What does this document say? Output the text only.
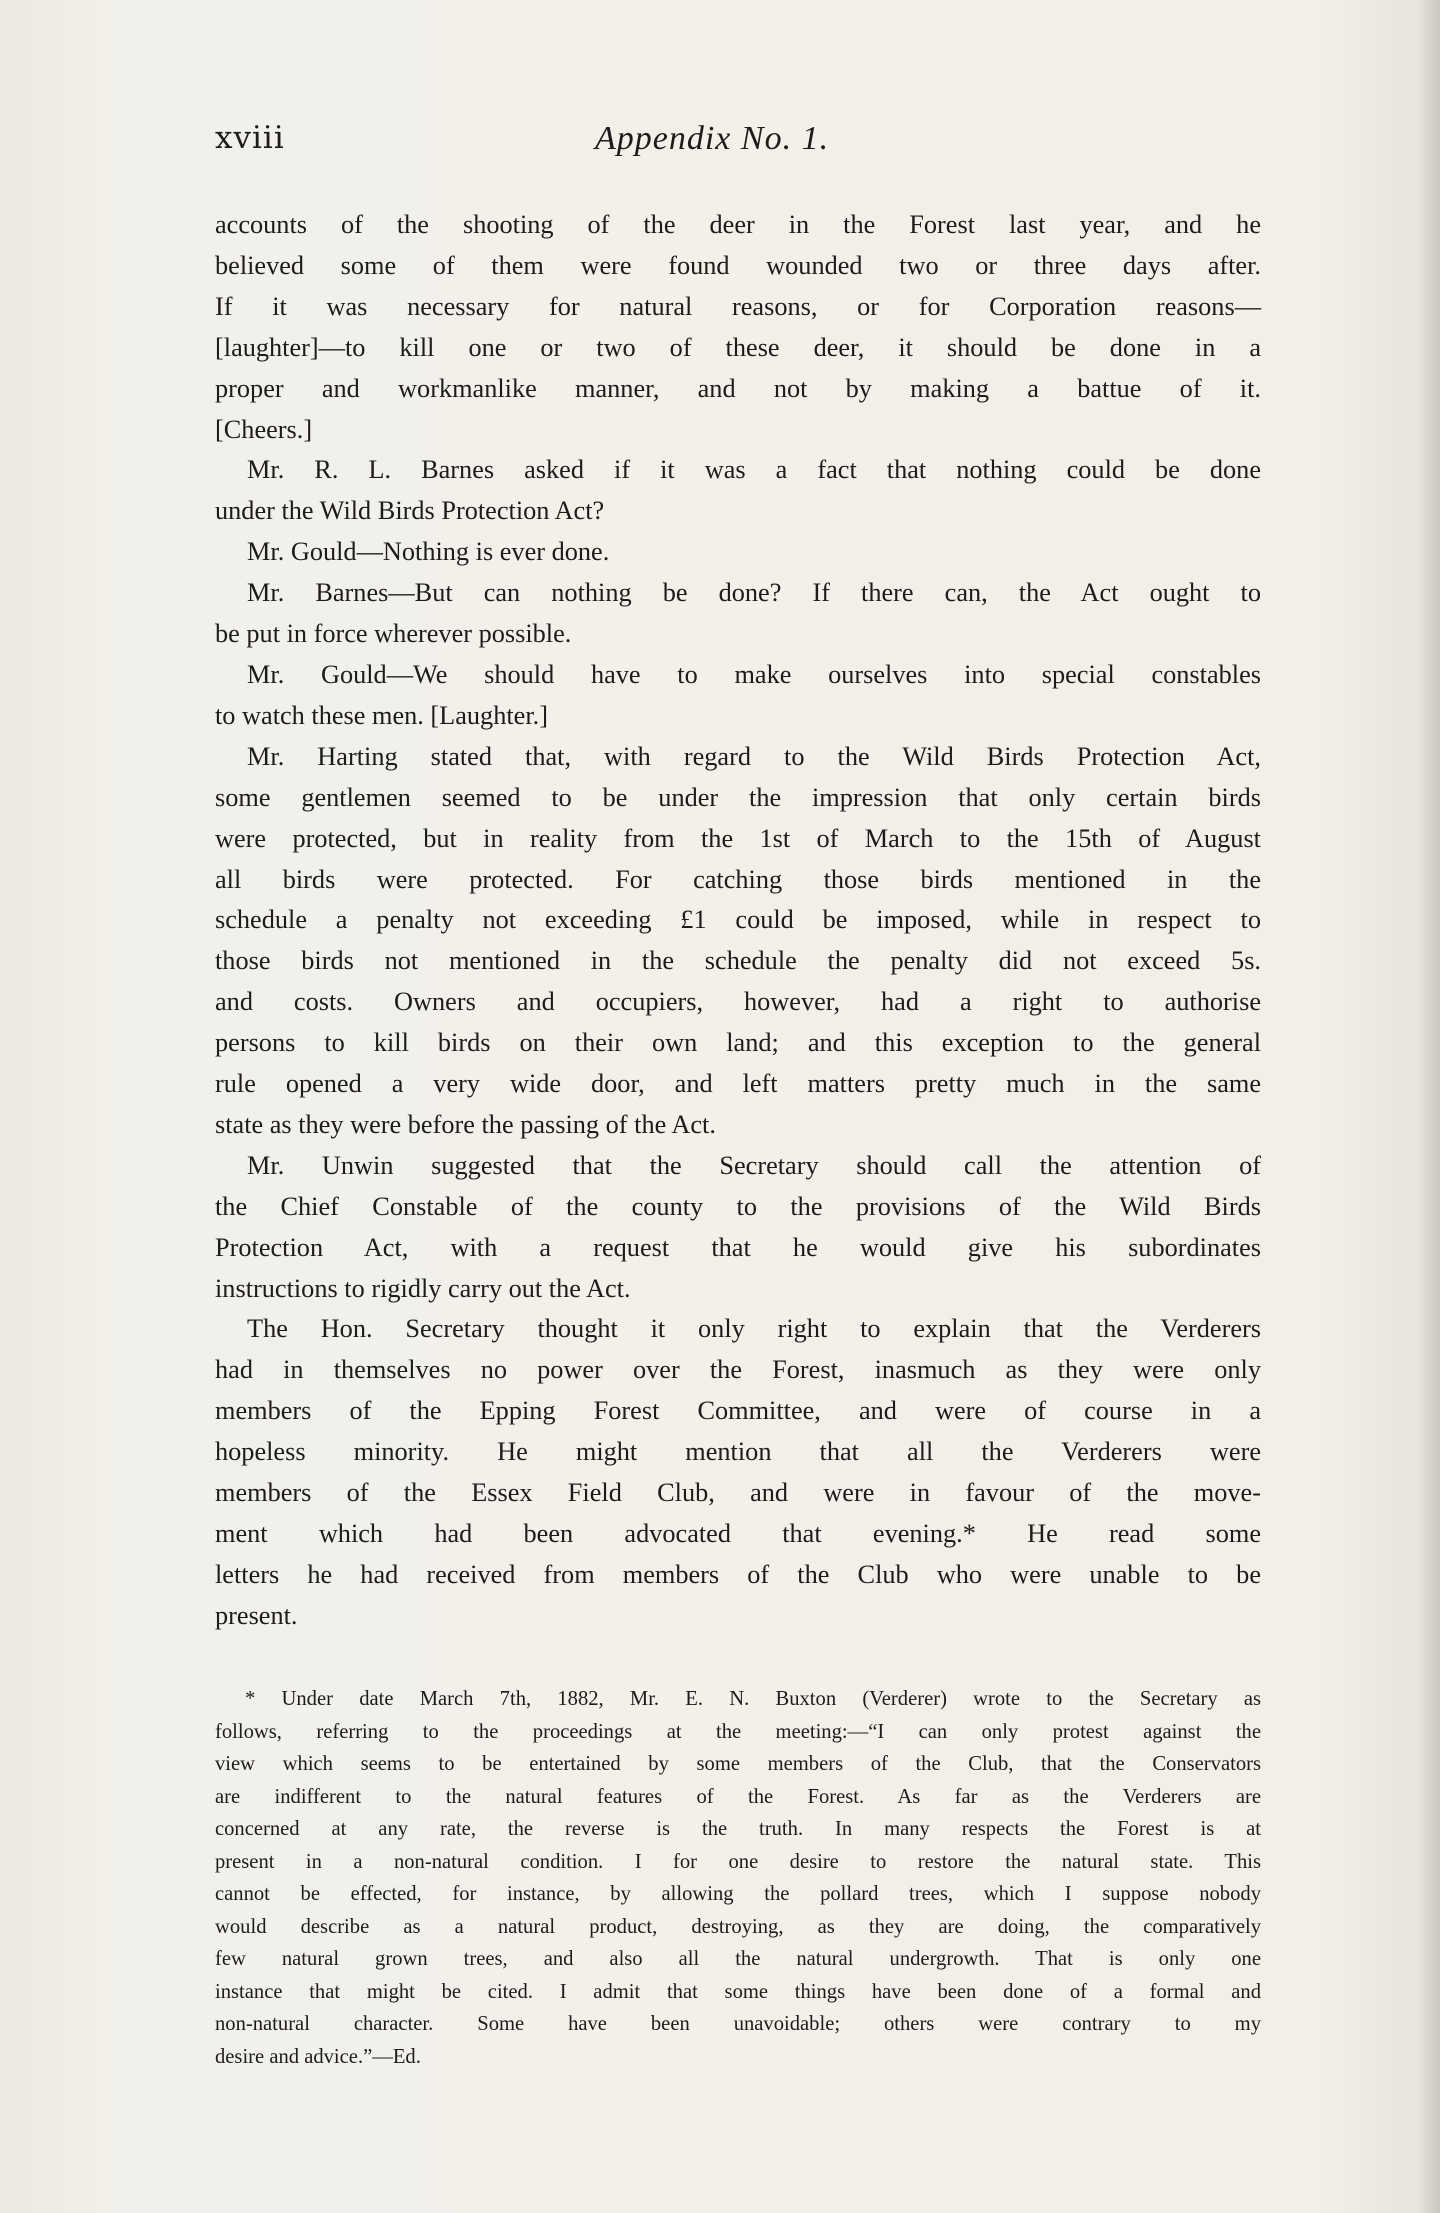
xviii	Appendix No. 1.
accounts of the shooting of the deer in the Forest last year, and he
believed some of them were found wounded two or three days after.
If it was necessary for natural reasons, or for Corporation reasons—
[laughter]—to kill one or two of these deer, it should be done in a
proper and workmanlike manner, and not by making a battue of it.
[Cheers.]
Mr. R. L. Barnes asked if it was a fact that nothing could be done
under the Wild Birds Protection Act?
Mr. Gould—Nothing is ever done.
Mr. Barnes—But can nothing be done? If there can, the Act ought to
be put in force wherever possible.
Mr. Gould—We should have to make ourselves into special constables
to watch these men. [Laughter.]
Mr. Harting stated that, with regard to the Wild Birds Protection Act,
some gentlemen seemed to be under the impression that only certain birds
were protected, but in reality from the 1st of March to the 15th of August
all birds were protected. For catching those birds mentioned in the
schedule a penalty not exceeding £1 could be imposed, while in respect to
those birds not mentioned in the schedule the penalty did not exceed 5s.
and costs. Owners and occupiers, however, had a right to authorise
persons to kill birds on their own land; and this exception to the general
rule opened a very wide door, and left matters pretty much in the same
state as they were before the passing of the Act.
Mr. Unwin suggested that the Secretary should call the attention of
the Chief Constable of the county to the provisions of the Wild Birds
Protection Act, with a request that he would give his subordinates
instructions to rigidly carry out the Act.
The Hon. Secretary thought it only right to explain that the Verderers
had in themselves no power over the Forest, inasmuch as they were only
members of the Epping Forest Committee, and were of course in a
hopeless minority. He might mention that all the Verderers were
members of the Essex Field Club, and were in favour of the move-
ment which had been advocated that evening.* He read some
letters he had received from members of the Club who were unable to be
present.
* Under date March 7th, 1882, Mr. E. N. Buxton (Verderer) wrote to the Secretary as
follows, referring to the proceedings at the meeting:—“I can only protest against the
view which seems to be entertained by some members of the Club, that the Conservators
are indifferent to the natural features of the Forest. As far as the Verderers are
concerned at any rate, the reverse is the truth. In many respects the Forest is at
present in a non-natural condition. I for one desire to restore the natural state. This
cannot be effected, for instance, by allowing the pollard trees, which I suppose nobody
would describe as a natural product, destroying, as they are doing, the comparatively
few natural grown trees, and also all the natural undergrowth. That is only one
instance that might be cited. I admit that some things have been done of a formal and
non-natural character. Some have been unavoidable; others were contrary to my
desire and advice.”—Ed.
